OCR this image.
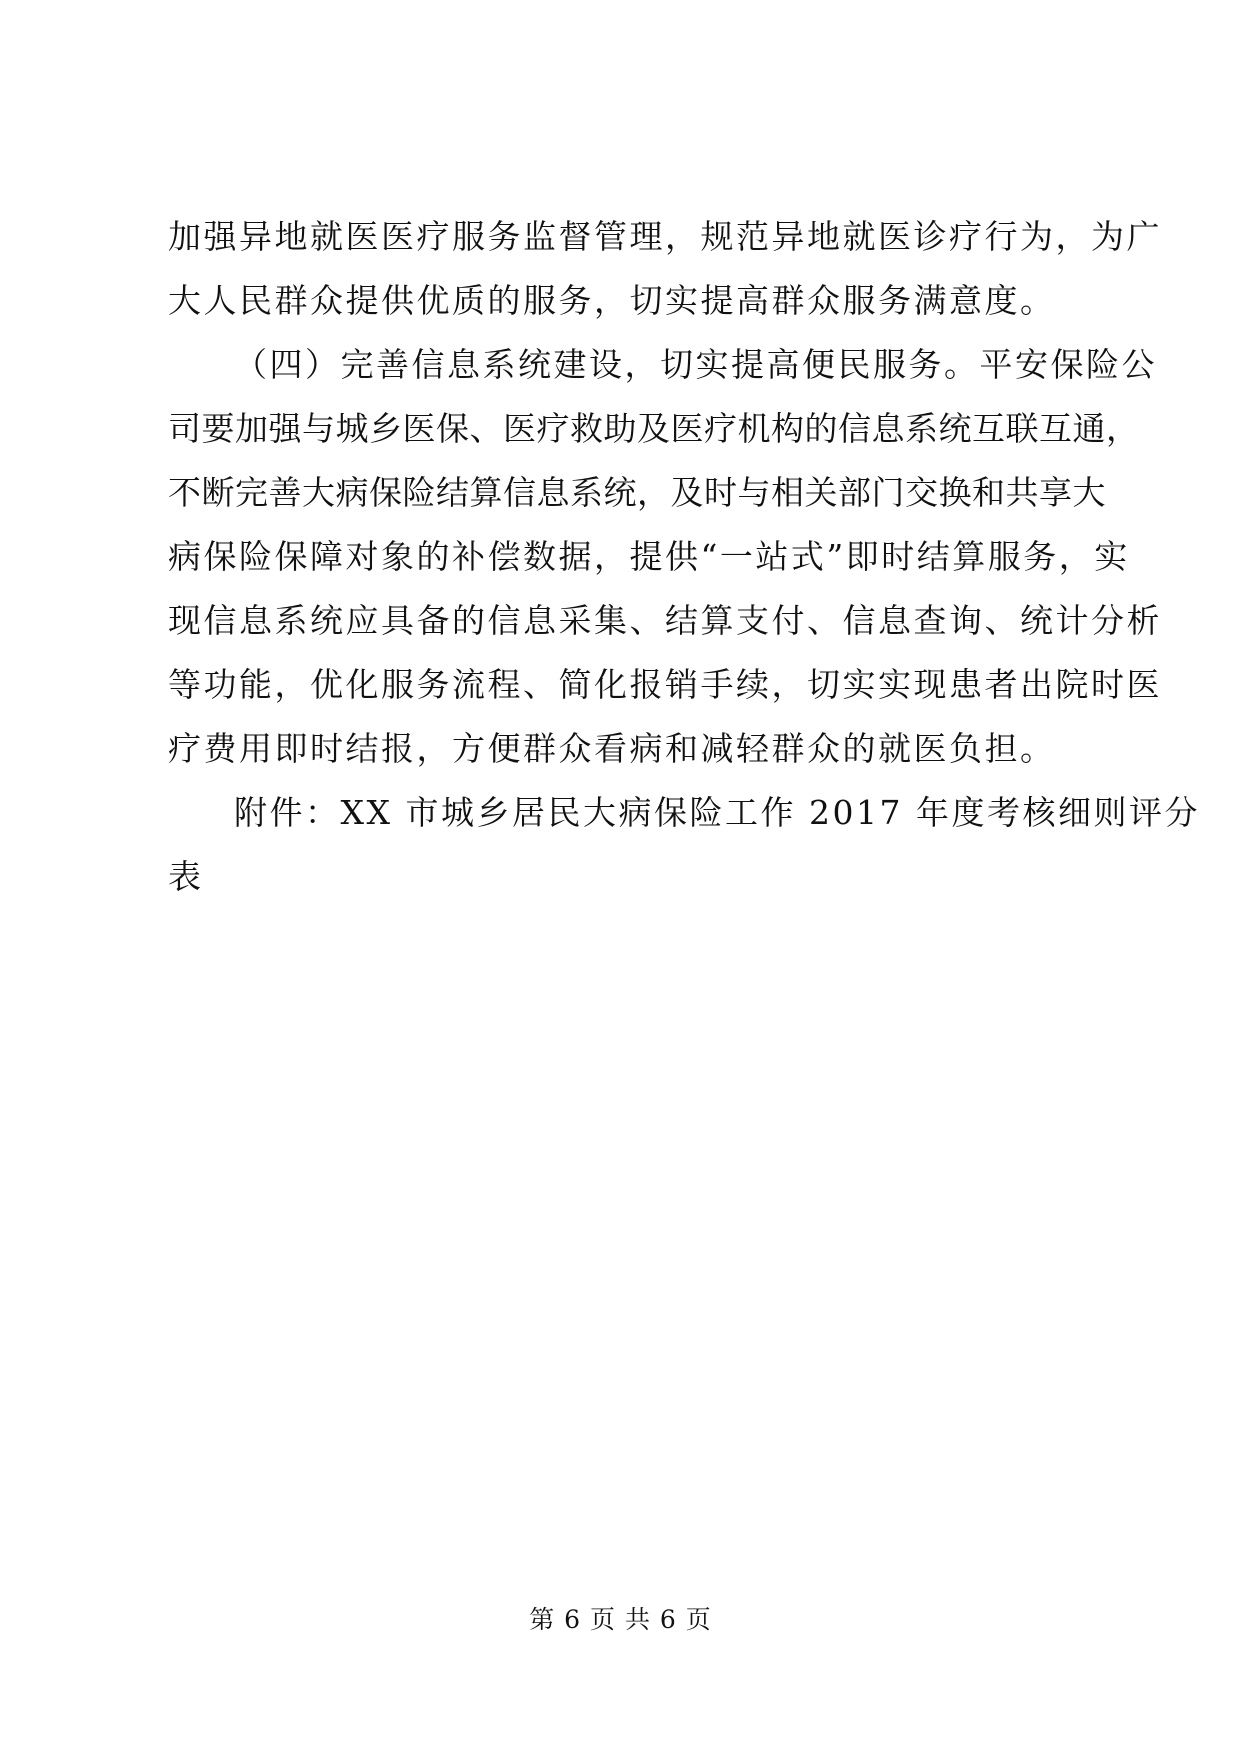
加强异地就医医疗服务监督管理，规范异地就医诊疗行为，为广
大人民群众提供优质的服务，切实提高群众服务满意度。
（四）完善信息系统建设，切实提高便民服务。平安保险公
司要加强与城乡医保、医疗救助及医疗机构的信息系统互联互通，
不断完善大病保险结算信息系统，及时与相关部门交换和共享大
病保险保障对象的补偿数据，提供“一站式”即时结算服务，实
现信息系统应具备的信息采集、结算支付、信息查询、统计分析
等功能，优化服务流程、简化报销手续，切实实现患者出院时医
疗费用即时结报，方便群众看病和减轻群众的就医负担。
附件：XX 市城乡居民大病保险工作 2017 年度考核细则评分
表
第 6 页 共 6 页
